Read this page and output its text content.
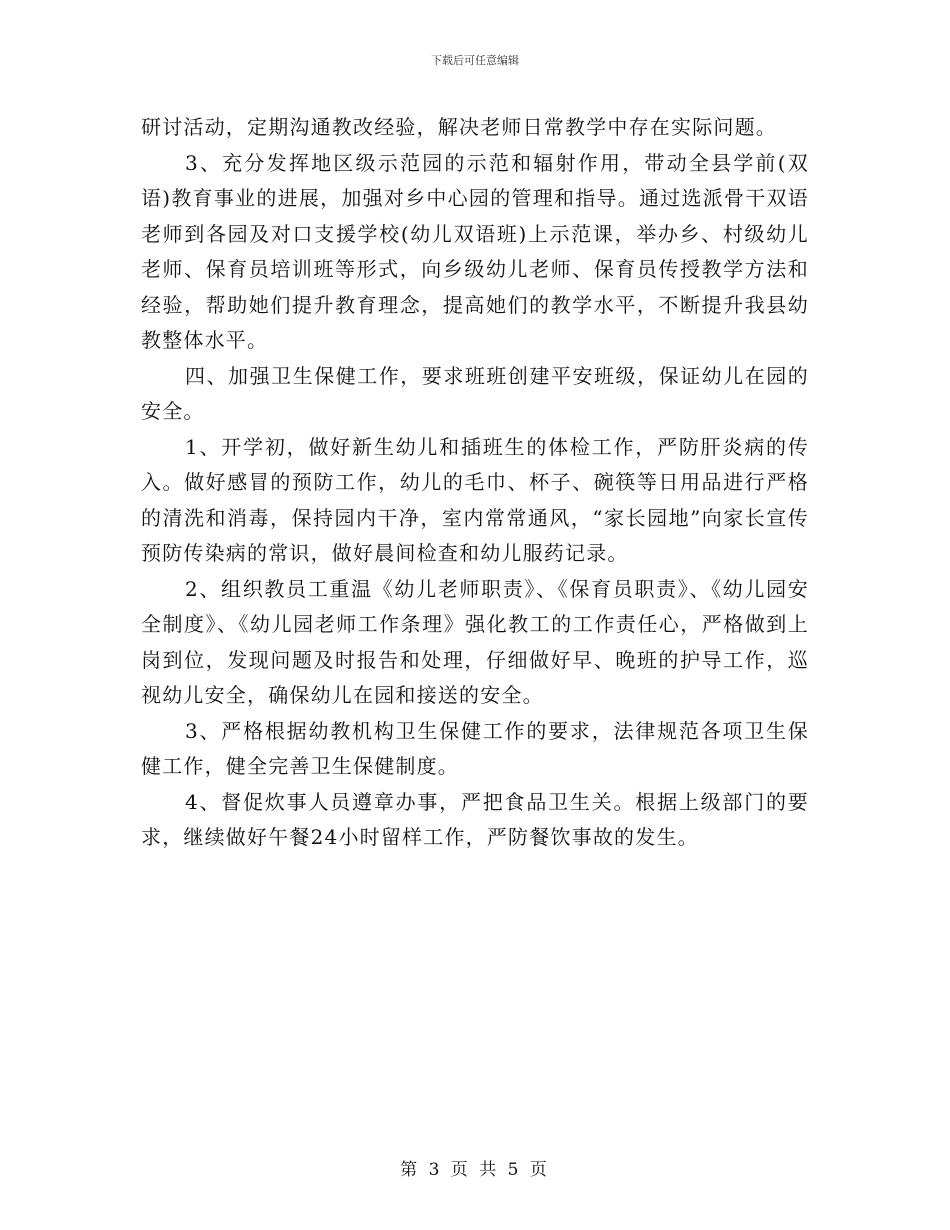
下载后可任意编辑

研讨活动，定期沟通教改经验，解决老师日常教学中存在实际问题。

3、充分发挥地区级示范园的示范和辐射作用，带动全县学前(双语)教育事业的进展，加强对乡中心园的管理和指导。通过选派骨干双语老师到各园及对口支援学校(幼儿双语班)上示范课，举办乡、村级幼儿老师、保育员培训班等形式，向乡级幼儿老师、保育员传授教学方法和经验，帮助她们提升教育理念，提高她们的教学水平，不断提升我县幼教整体水平。

四、加强卫生保健工作，要求班班创建平安班级，保证幼儿在园的安全。

1、开学初，做好新生幼儿和插班生的体检工作，严防肝炎病的传入。做好感冒的预防工作，幼儿的毛巾、杯子、碗筷等日用品进行严格的清洗和消毒，保持园内干净，室内常常通风，“家长园地”向家长宣传预防传染病的常识，做好晨间检查和幼儿服药记录。

2、组织教员工重温《幼儿老师职责》、《保育员职责》、《幼儿园安全制度》、《幼儿园老师工作条理》强化教工的工作责任心，严格做到上岗到位，发现问题及时报告和处理，仔细做好早、晚班的护导工作，巡视幼儿安全，确保幼儿在园和接送的安全。

3、严格根据幼教机构卫生保健工作的要求，法律规范各项卫生保健工作，健全完善卫生保健制度。

4、督促炊事人员遵章办事，严把食品卫生关。根据上级部门的要求，继续做好午餐24小时留样工作，严防餐饮事故的发生。

第 3 页 共 5 页
